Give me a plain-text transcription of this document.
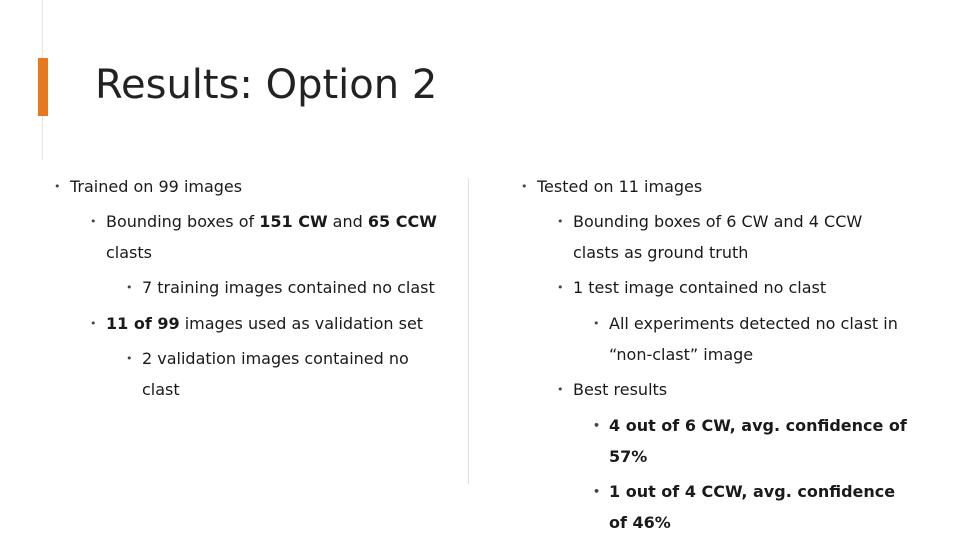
Results: Option 2
• Trained on 99 images
• Bounding boxes of 151 CW and 65 CCW clasts
• 7 training images contained no clast
• 11 of 99 images used as validation set
• 2 validation images contained no clast
• Tested on 11 images
• Bounding boxes of 6 CW and 4 CCW clasts as ground truth
• 1 test image contained no clast
• All experiments detected no clast in “non-clast” image
• Best results
• 4 out of 6 CW, avg. confidence of 57%
• 1 out of 4 CCW, avg. confidence of 46%
